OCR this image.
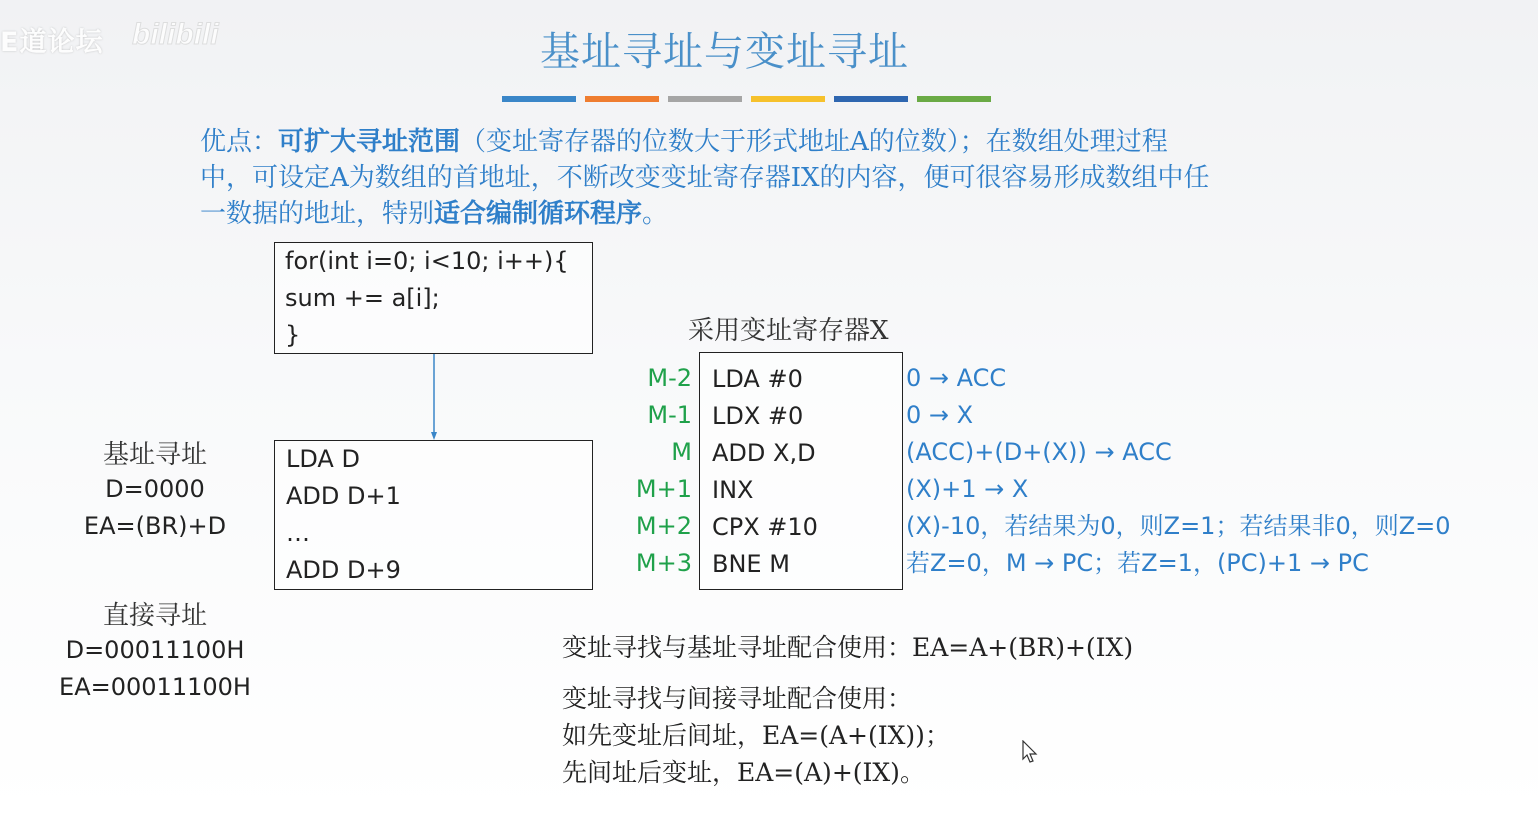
E道论坛 bilibili	基址寻址与变址寻址
优点：可扩大寻址范围（变址寄存器的位数大于形式地址A的位数）；在数组处理过程
中，可设定A为数组的首地址，不断改变变址寄存器IX的内容，便可很容易形成数组中任
一数据的地址，特别适合编制循环程序。
for(int i=0; i<10; i++){
sum += a[i];
}
LDA D
ADD D+1
…
ADD D+9
基址寻址
D=0000
EA=(BR)+D
直接寻址
D=00011100H
EA=00011100H
采用变址寄存器X
M-2
M-1
M
M+1
M+2
M+3
LDA #0
LDX #0
ADD X,D
INX
CPX #10
BNE M
0 → ACC
0 → X
(ACC)+(D+(X)) → ACC
(X)+1 → X
(X)-10，若结果为0，则Z=1；若结果非0，则Z=0
若Z=0，M → PC；若Z=1，(PC)+1 → PC
变址寻找与基址寻址配合使用：EA=A+(BR)+(IX)
变址寻找与间接寻址配合使用：
如先变址后间址，EA=(A+(IX))；
先间址后变址，EA=(A)+(IX)。
